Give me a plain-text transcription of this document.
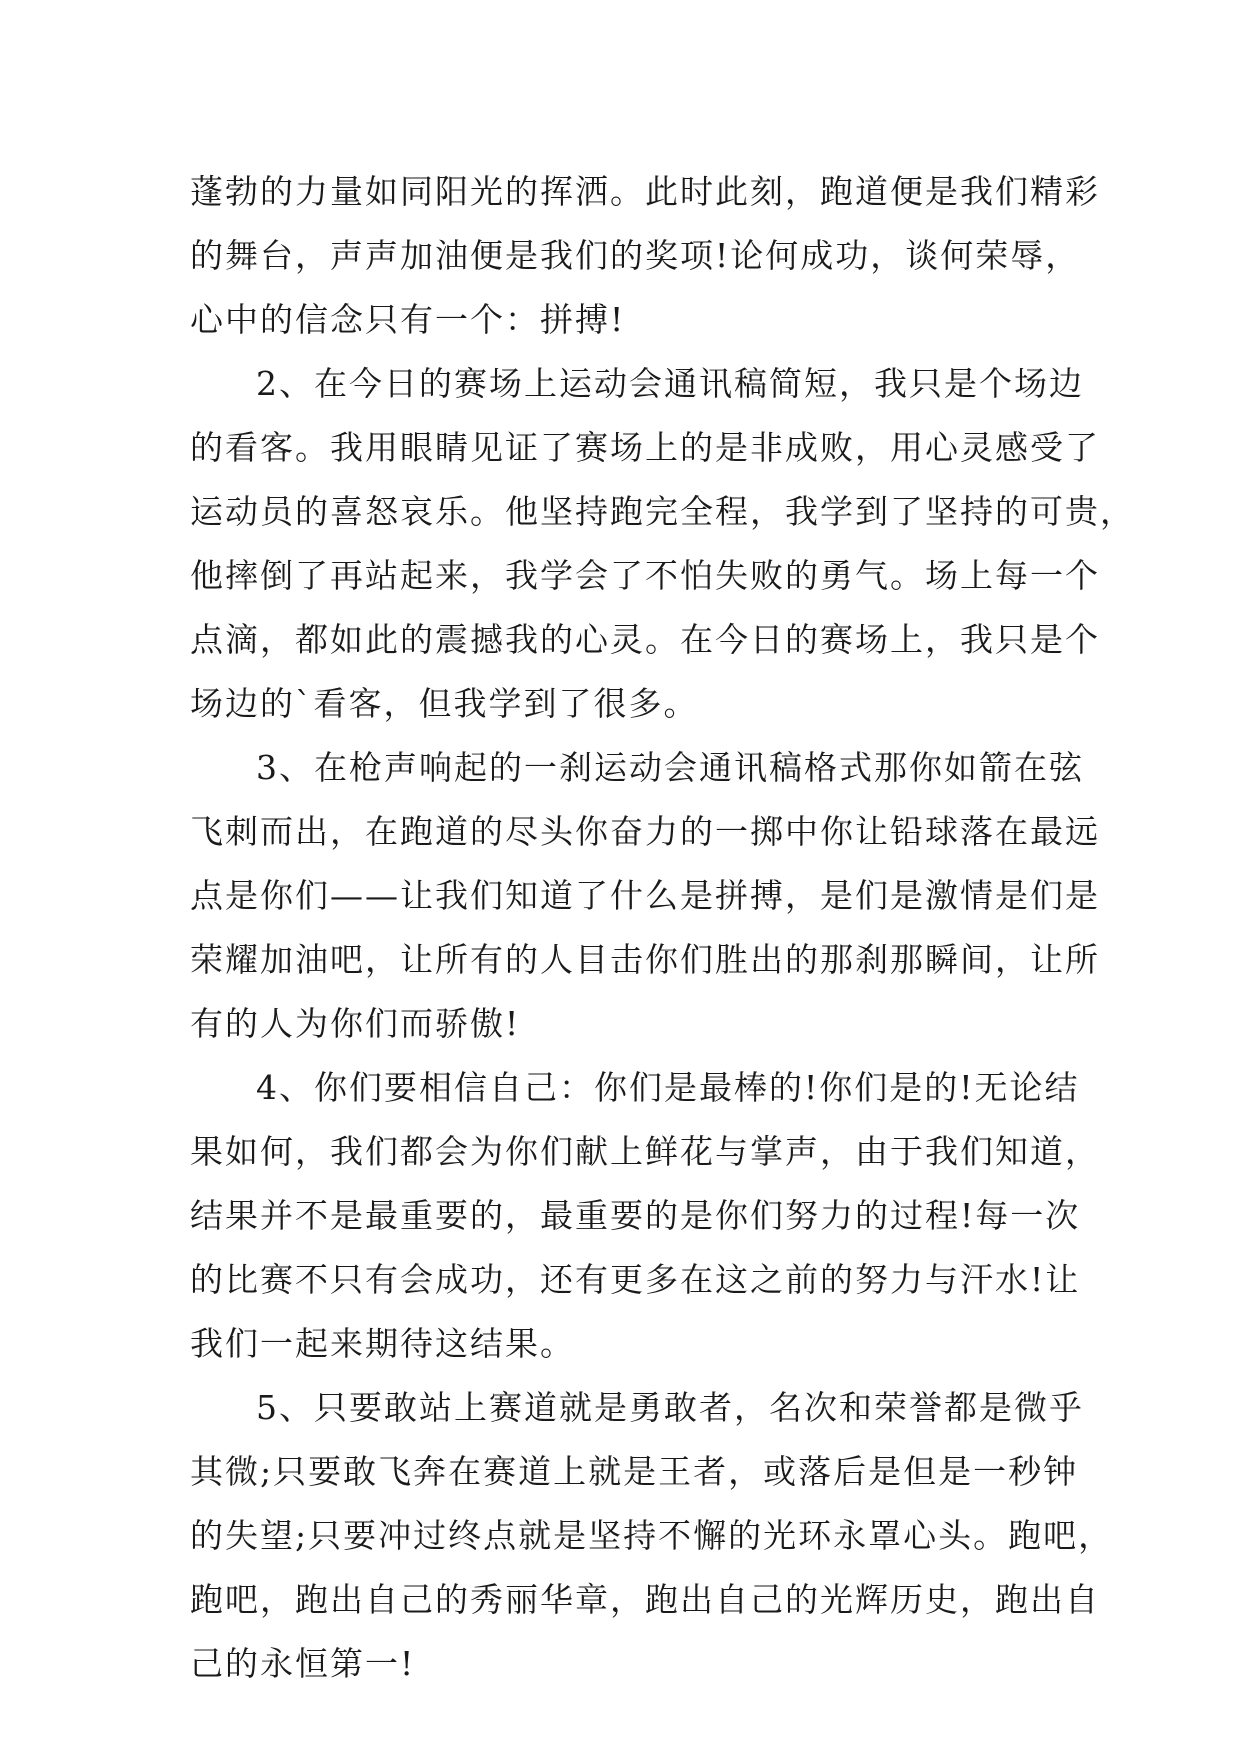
蓬勃的力量如同阳光的挥洒。此时此刻，跑道便是我们精彩
的舞台，声声加油便是我们的奖项!论何成功，谈何荣辱，
心中的信念只有一个：拼搏!
2、在今日的赛场上运动会通讯稿简短，我只是个场边
的看客。我用眼睛见证了赛场上的是非成败，用心灵感受了
运动员的喜怒哀乐。他坚持跑完全程，我学到了坚持的可贵，
他摔倒了再站起来，我学会了不怕失败的勇气。场上每一个
点滴，都如此的震撼我的心灵。在今日的赛场上，我只是个
场边的`看客，但我学到了很多。
3、在枪声响起的一刹运动会通讯稿格式那你如箭在弦
飞刺而出，在跑道的尽头你奋力的一掷中你让铅球落在最远
点是你们——让我们知道了什么是拼搏，是们是激情是们是
荣耀加油吧，让所有的人目击你们胜出的那刹那瞬间，让所
有的人为你们而骄傲!
4、你们要相信自己：你们是最棒的!你们是的!无论结
果如何，我们都会为你们献上鲜花与掌声，由于我们知道，
结果并不是最重要的，最重要的是你们努力的过程!每一次
的比赛不只有会成功，还有更多在这之前的努力与汗水!让
我们一起来期待这结果。
5、只要敢站上赛道就是勇敢者，名次和荣誉都是微乎
其微;只要敢飞奔在赛道上就是王者，或落后是但是一秒钟
的失望;只要冲过终点就是坚持不懈的光环永罩心头。跑吧，
跑吧，跑出自己的秀丽华章，跑出自己的光辉历史，跑出自
己的永恒第一!
